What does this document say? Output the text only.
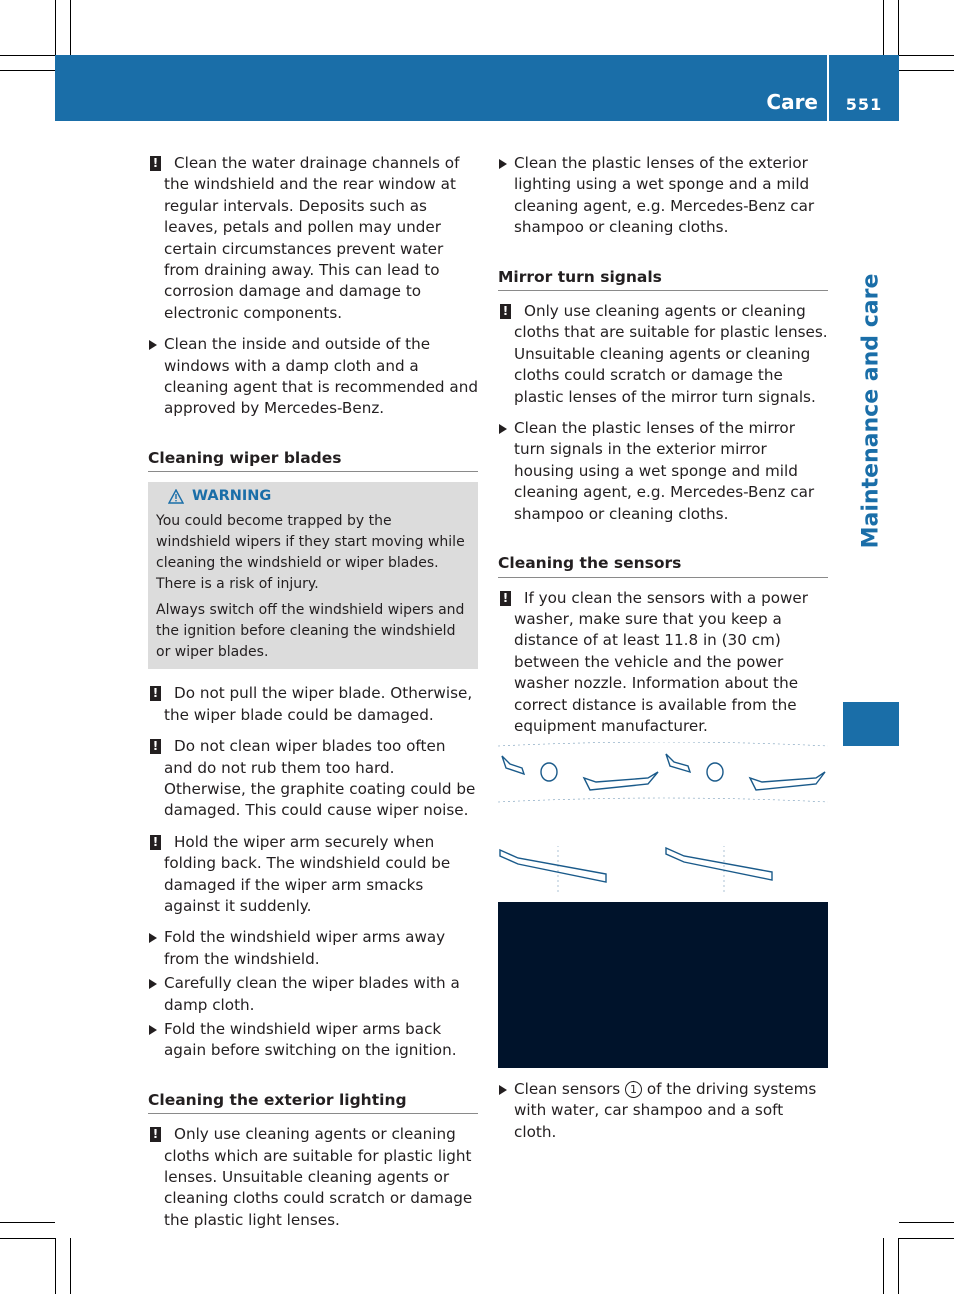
Care	551
Maintenance and care

! Clean the water drainage channels of the windshield and the rear window at regular intervals. Deposits such as leaves, petals and pollen may under certain circumstances prevent water from draining away. This can lead to corrosion damage and damage to electronic components.

Clean the inside and outside of the windows with a damp cloth and a cleaning agent that is recommended and approved by Mercedes-Benz.

Cleaning wiper blades

WARNING

You could become trapped by the windshield wipers if they start moving while cleaning the windshield or wiper blades. There is a risk of injury.

Always switch off the windshield wipers and the ignition before cleaning the windshield or wiper blades.

! Do not pull the wiper blade. Otherwise, the wiper blade could be damaged.

! Do not clean wiper blades too often and do not rub them too hard. Otherwise, the graphite coating could be damaged. This could cause wiper noise.

! Hold the wiper arm securely when folding back. The windshield could be damaged if the wiper arm smacks against it suddenly.

Fold the windshield wiper arms away from the windshield.

Carefully clean the wiper blades with a damp cloth.

Fold the windshield wiper arms back again before switching on the ignition.

Cleaning the exterior lighting

! Only use cleaning agents or cleaning cloths which are suitable for plastic light lenses. Unsuitable cleaning agents or cleaning cloths could scratch or damage the plastic light lenses.

Clean the plastic lenses of the exterior lighting using a wet sponge and a mild cleaning agent, e.g. Mercedes-Benz car shampoo or cleaning cloths.

Mirror turn signals

! Only use cleaning agents or cleaning cloths that are suitable for plastic lenses. Unsuitable cleaning agents or cleaning cloths could scratch or damage the plastic lenses of the mirror turn signals.

Clean the plastic lenses of the mirror turn signals in the exterior mirror housing using a wet sponge and mild cleaning agent, e.g. Mercedes-Benz car shampoo or cleaning cloths.

Cleaning the sensors

! If you clean the sensors with a power washer, make sure that you keep a distance of at least 11.8 in (30 cm) between the vehicle and the power washer nozzle. Information about the correct distance is available from the equipment manufacturer.

Clean sensors 1 of the driving systems with water, car shampoo and a soft cloth.
